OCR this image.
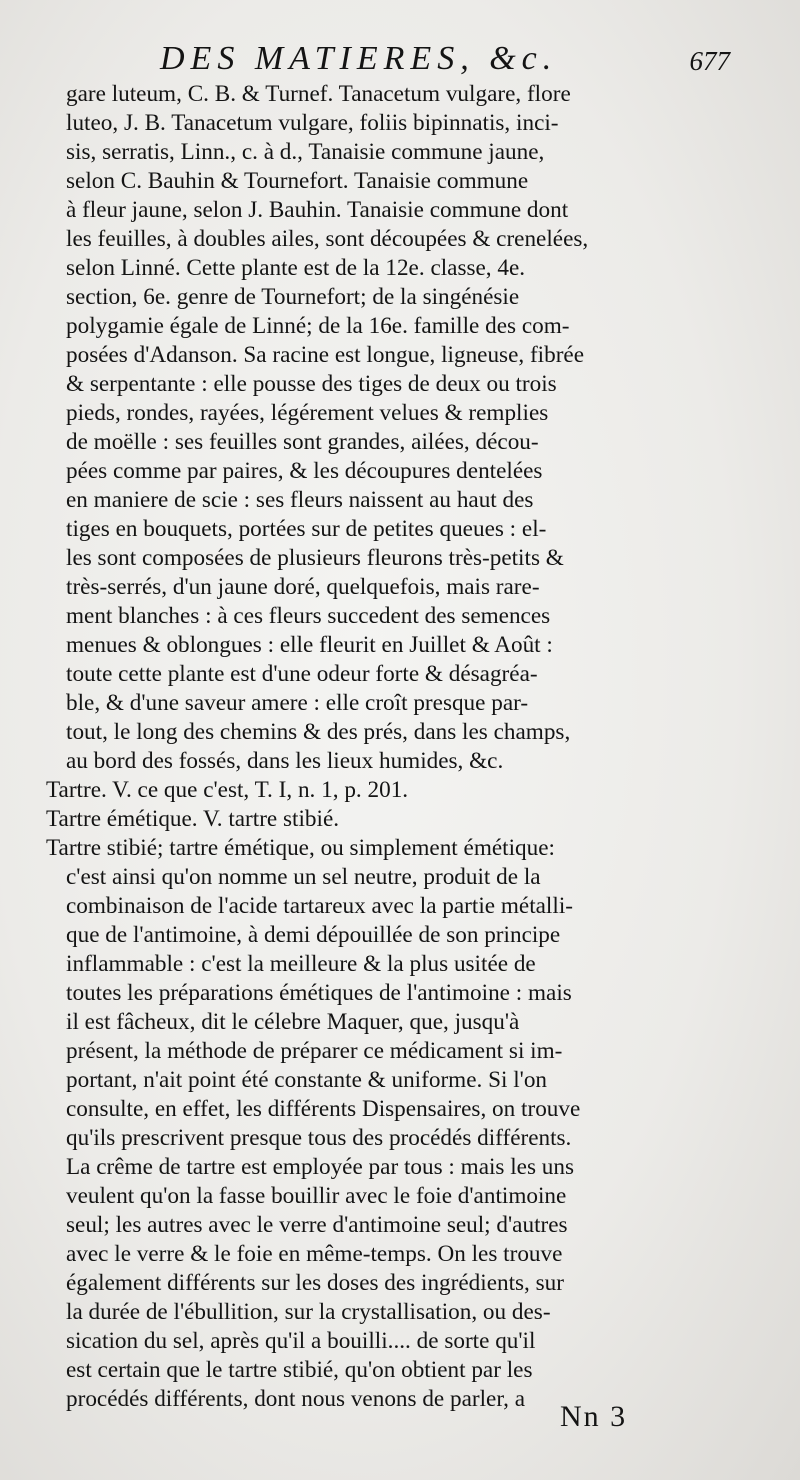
DES MATIERES, &c.	677
gare luteum, C. B. & Turnef. Tanacetum vulgare, flore
luteo, J. B. Tanacetum vulgare, foliis bipinnatis, inci-
sis, serratis, Linn., c. à d., Tanaisie commune jaune,
selon C. Bauhin & Tournefort. Tanaisie commune
à fleur jaune, selon J. Bauhin. Tanaisie commune dont
les feuilles, à doubles ailes, sont découpées & crenelées,
selon Linné. Cette plante est de la 12e. classe, 4e.
section, 6e. genre de Tournefort; de la singénésie
polygamie égale de Linné; de la 16e. famille des com-
posées d'Adanson. Sa racine est longue, ligneuse, fibrée
& serpentante : elle pousse des tiges de deux ou trois
pieds, rondes, rayées, légérement velues & remplies
de moëlle : ses feuilles sont grandes, ailées, décou-
pées comme par paires, & les découpures dentelées
en maniere de scie : ses fleurs naissent au haut des
tiges en bouquets, portées sur de petites queues : el-
les sont composées de plusieurs fleurons très-petits &
très-serrés, d'un jaune doré, quelquefois, mais rare-
ment blanches : à ces fleurs succedent des semences
menues & oblongues : elle fleurit en Juillet & Août :
toute cette plante est d'une odeur forte & désagréa-
ble, & d'une saveur amere : elle croît presque par-
tout, le long des chemins & des prés, dans les champs,
au bord des fossés, dans les lieux humides, &c.
Tartre. V. ce que c'est, T. I, n. 1, p. 201.
Tartre émétique. V. tartre stibié.
Tartre stibié; tartre émétique, ou simplement émétique:
c'est ainsi qu'on nomme un sel neutre, produit de la
combinaison de l'acide tartareux avec la partie métalli-
que de l'antimoine, à demi dépouillée de son principe
inflammable : c'est la meilleure & la plus usitée de
toutes les préparations émétiques de l'antimoine : mais
il est fâcheux, dit le célebre Maquer, que, jusqu'à
présent, la méthode de préparer ce médicament si im-
portant, n'ait point été constante & uniforme. Si l'on
consulte, en effet, les différents Dispensaires, on trouve
qu'ils prescrivent presque tous des procédés différents.
La crême de tartre est employée par tous : mais les uns
veulent qu'on la fasse bouillir avec le foie d'antimoine
seul; les autres avec le verre d'antimoine seul; d'autres
avec le verre & le foie en même-temps. On les trouve
également différents sur les doses des ingrédients, sur
la durée de l'ébullition, sur la crystallisation, ou des-
sication du sel, après qu'il a bouilli.... de sorte qu'il
est certain que le tartre stibié, qu'on obtient par les
procédés différents, dont nous venons de parler, a
Nn 3
